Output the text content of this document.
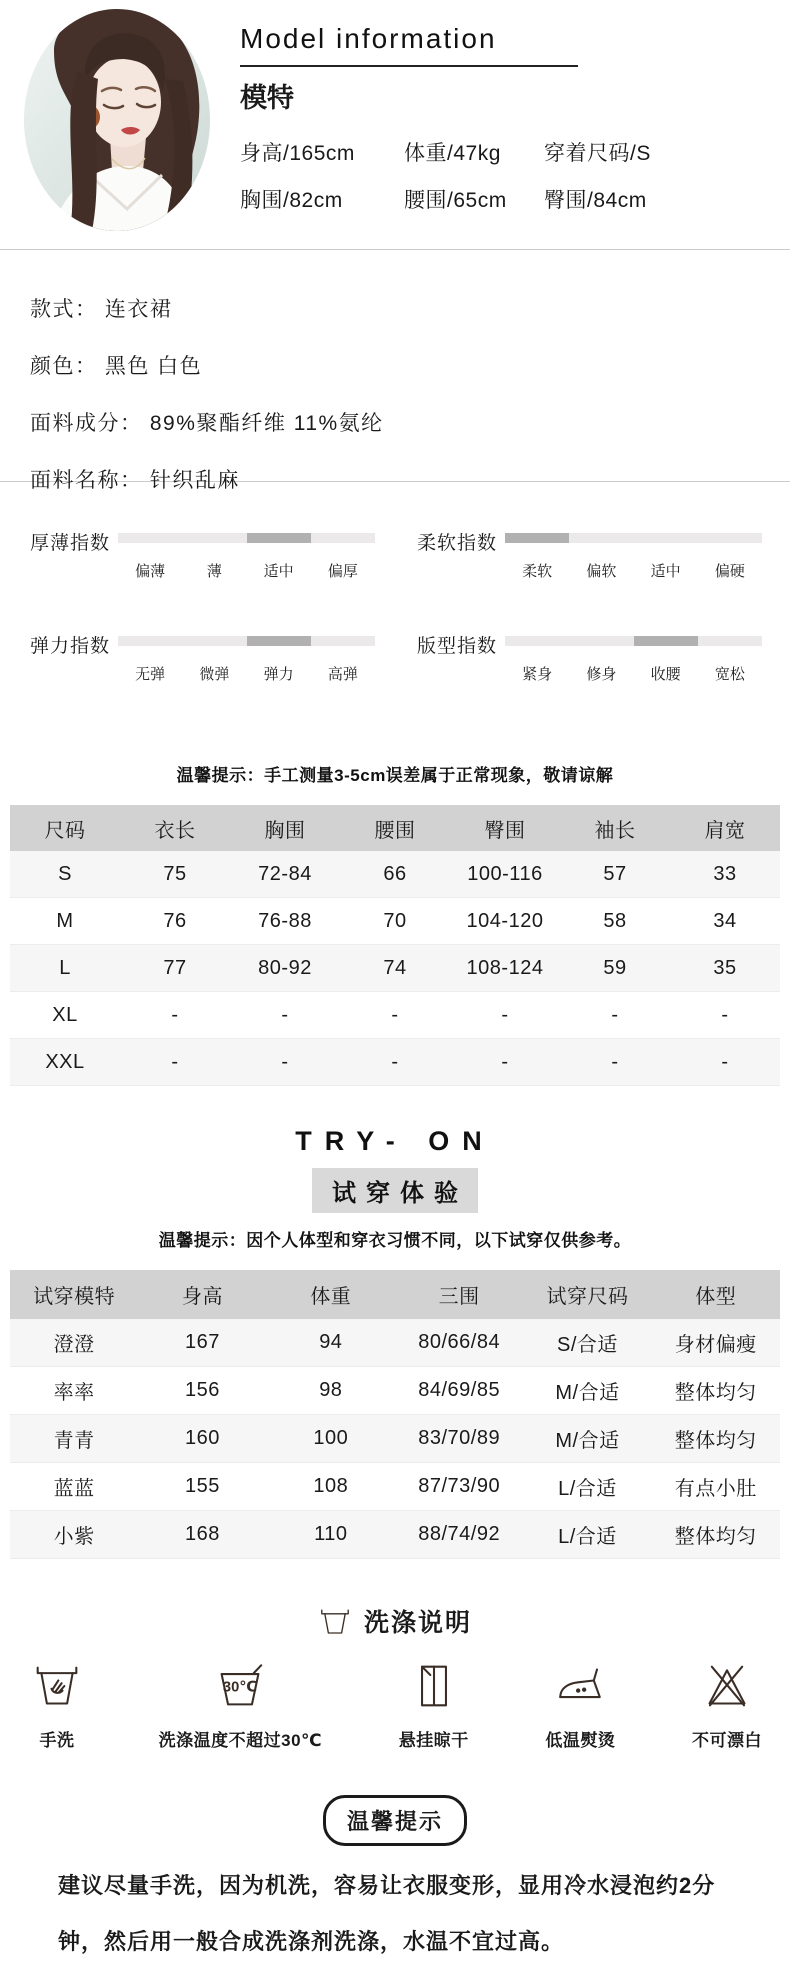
Model information
模特
身高/165cm	体重/47kg	穿着尺码/S
胸围/82cm	腰围/65cm	臀围/84cm

款式： 连衣裙

颜色： 黑色 白色

面料成分： 89%聚酯纤维 11%氨纶

面料名称： 针织乱麻

厚薄指数
偏薄	薄	适中	偏厚
柔软指数
柔软	偏软	适中	偏硬
弹力指数
无弹	微弹	弹力	高弹
版型指数
紧身	修身	收腰	宽松
温馨提示：手工测量3-5cm误差属于正常现象，敬请谅解
尺码	衣长	胸围	腰围	臀围	袖长	肩宽
S	75	72-84	66	100-116	57	33
M	76	76-88	70	104-120	58	34
L	77	80-92	74	108-124	59	35
XL	-	-	-	-	-	-
XXL	-	-	-	-	-	-
TRY- ON
试穿体验
温馨提示：因个人体型和穿衣习惯不同，以下试穿仅供参考。
试穿模特	身高	体重	三围	试穿尺码	体型
澄澄	167	94	80/66/84	S/合适	身材偏瘦
率率	156	98	84/69/85	M/合适	整体均匀
青青	160	100	83/70/89	M/合适	整体均匀
蓝蓝	155	108	87/73/90	L/合适	有点小肚
小紫	168	110	88/74/92	L/合适	整体均匀
洗涤说明
手洗
30℃
洗涤温度不超过30℃	悬挂晾干	低温熨烫	不可漂白
温馨提示

建议尽量手洗，因为机洗，容易让衣服变形，显用冷水浸泡约2分钟，然后用一般合成洗涤剂洗涤，水温不宜过高。
